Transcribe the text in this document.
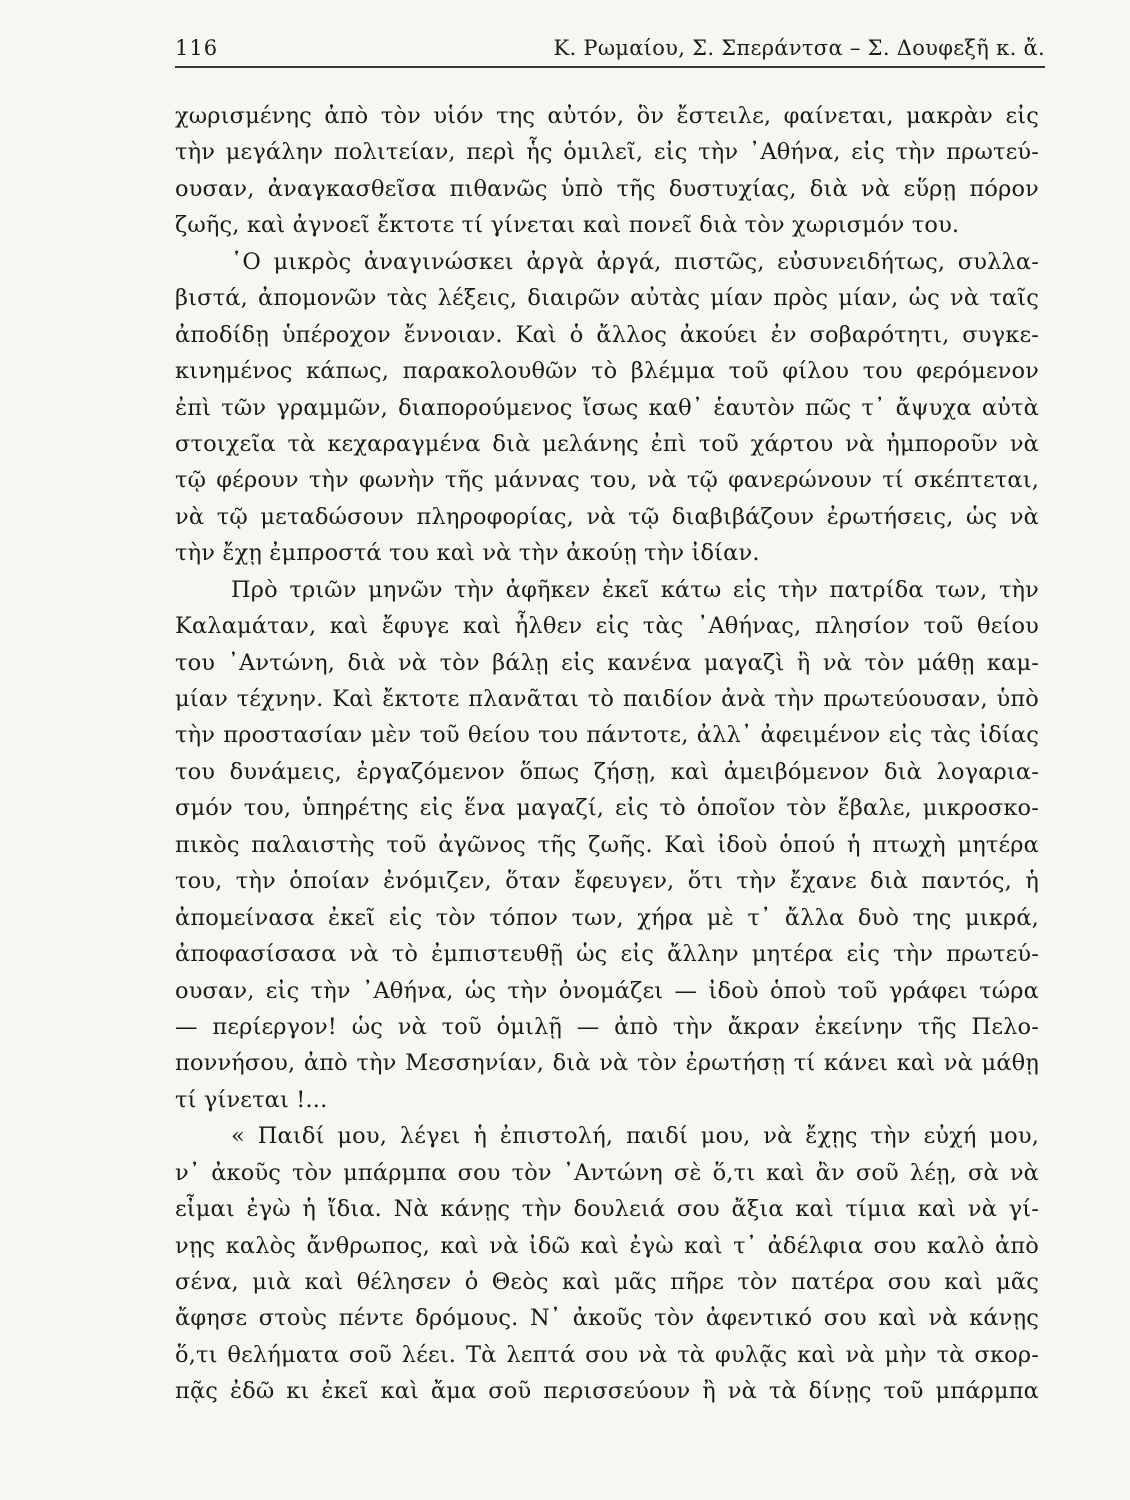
116	Κ. Ρωμαίου, Σ. Σπεράντσα – Σ. Δουφεξῆ κ. ἄ.
χωρισμένης ἀπὸ τὸν υἱόν της αὐτόν, ὃν ἔστειλε, φαίνεται, μακρὰν εἰς
τὴν μεγάλην πολιτείαν, περὶ ἧς ὁμιλεῖ, εἰς τὴν ᾿Αθήνα, εἰς τὴν πρωτεύ-
ουσαν, ἀναγκασθεῖσα πιθανῶς ὑπὸ τῆς δυστυχίας, διὰ νὰ εὕρῃ πόρον
ζωῆς, καὶ ἀγνοεῖ ἔκτοτε τί γίνεται καὶ πονεῖ διὰ τὸν χωρισμόν του.
῾Ο μικρὸς ἀναγινώσκει ἀργὰ ἀργά, πιστῶς, εὐσυνειδήτως, συλλα-
βιστά, ἀπομονῶν τὰς λέξεις, διαιρῶν αὐτὰς μίαν πρὸς μίαν, ὡς νὰ ταῖς
ἀποδίδῃ ὑπέροχον ἔννοιαν. Καὶ ὁ ἄλλος ἀκούει ἐν σοβαρότητι, συγκε-
κινημένος κάπως, παρακολουθῶν τὸ βλέμμα τοῦ φίλου του φερόμενον
ἐπὶ τῶν γραμμῶν, διαπορούμενος ἴσως καθ᾿ ἑαυτὸν πῶς τ᾿ ἄψυχα αὐτὰ
στοιχεῖα τὰ κεχαραγμένα διὰ μελάνης ἐπὶ τοῦ χάρτου νὰ ἠμποροῦν νὰ
τῷ φέρουν τὴν φωνὴν τῆς μάννας του, νὰ τῷ φανερώνουν τί σκέπτεται,
νὰ τῷ μεταδώσουν πληροφορίας, νὰ τῷ διαβιβάζουν ἐρωτήσεις, ὡς νὰ
τὴν ἔχῃ ἐμπροστά του καὶ νὰ τὴν ἀκούῃ τὴν ἰδίαν.
Πρὸ τριῶν μηνῶν τὴν ἀφῆκεν ἐκεῖ κάτω εἰς τὴν πατρίδα των, τὴν
Καλαμάταν, καὶ ἔφυγε καὶ ἦλθεν εἰς τὰς ᾿Αθήνας, πλησίον τοῦ θείου
του ᾿Αντώνη, διὰ νὰ τὸν βάλῃ εἰς κανένα μαγαζὶ ἢ νὰ τὸν μάθῃ καμ-
μίαν τέχνην. Καὶ ἔκτοτε πλανᾶται τὸ παιδίον ἀνὰ τὴν πρωτεύουσαν, ὑπὸ
τὴν προστασίαν μὲν τοῦ θείου του πάντοτε, ἀλλ᾿ ἀφειμένον εἰς τὰς ἰδίας
του δυνάμεις, ἐργαζόμενον ὅπως ζήσῃ, καὶ ἀμειβόμενον διὰ λογαρια-
σμόν του, ὑπηρέτης εἰς ἕνα μαγαζί, εἰς τὸ ὁποῖον τὸν ἔβαλε, μικροσκο-
πικὸς παλαιστὴς τοῦ ἀγῶνος τῆς ζωῆς. Καὶ ἰδοὺ ὁπού ἡ πτωχὴ μητέρα
του, τὴν ὁποίαν ἐνόμιζεν, ὅταν ἔφευγεν, ὅτι τὴν ἔχανε διὰ παντός, ἡ
ἀπομείνασα ἐκεῖ εἰς τὸν τόπον των, χήρα μὲ τ᾿ ἄλλα δυὸ της μικρά,
ἀποφασίσασα νὰ τὸ ἐμπιστευθῇ ὡς εἰς ἄλλην μητέρα εἰς τὴν πρωτεύ-
ουσαν, εἰς τὴν ᾿Αθήνα, ὡς τὴν ὀνομάζει — ἰδοὺ ὁποὺ τοῦ γράφει τώρα
— περίεργον! ὡς νὰ τοῦ ὁμιλῇ — ἀπὸ τὴν ἄκραν ἐκείνην τῆς Πελο-
ποννήσου, ἀπὸ τὴν Μεσσηνίαν, διὰ νὰ τὸν ἐρωτήσῃ τί κάνει καὶ νὰ μάθῃ
τί γίνεται !...
« Παιδί μου, λέγει ἡ ἐπιστολή, παιδί μου, νὰ ἔχῃς τὴν εὐχή μου,
ν᾿ ἀκοῦς τὸν μπάρμπα σου τὸν ᾿Αντώνη σὲ ὅ,τι καὶ ἂν σοῦ λέῃ, σὰ νὰ
εἶμαι ἐγὼ ἡ ἴδια. Νὰ κάνῃς τὴν δουλειά σου ἄξια καὶ τίμια καὶ νὰ γί-
νῃς καλὸς ἄνθρωπος, καὶ νὰ ἰδῶ καὶ ἐγὼ καὶ τ᾿ ἀδέλφια σου καλὸ ἀπὸ
σένα, μιὰ καὶ θέλησεν ὁ Θεὸς καὶ μᾶς πῆρε τὸν πατέρα σου καὶ μᾶς
ἄφησε στοὺς πέντε δρόμους. Ν᾿ ἀκοῦς τὸν ἀφεντικό σου καὶ νὰ κάνῃς
ὅ,τι θελήματα σοῦ λέει. Τὰ λεπτά σου νὰ τὰ φυλᾷς καὶ νὰ μὴν τὰ σκορ-
πᾷς ἐδῶ κι ἐκεῖ καὶ ἄμα σοῦ περισσεύουν ἢ νὰ τὰ δίνῃς τοῦ μπάρμπα
